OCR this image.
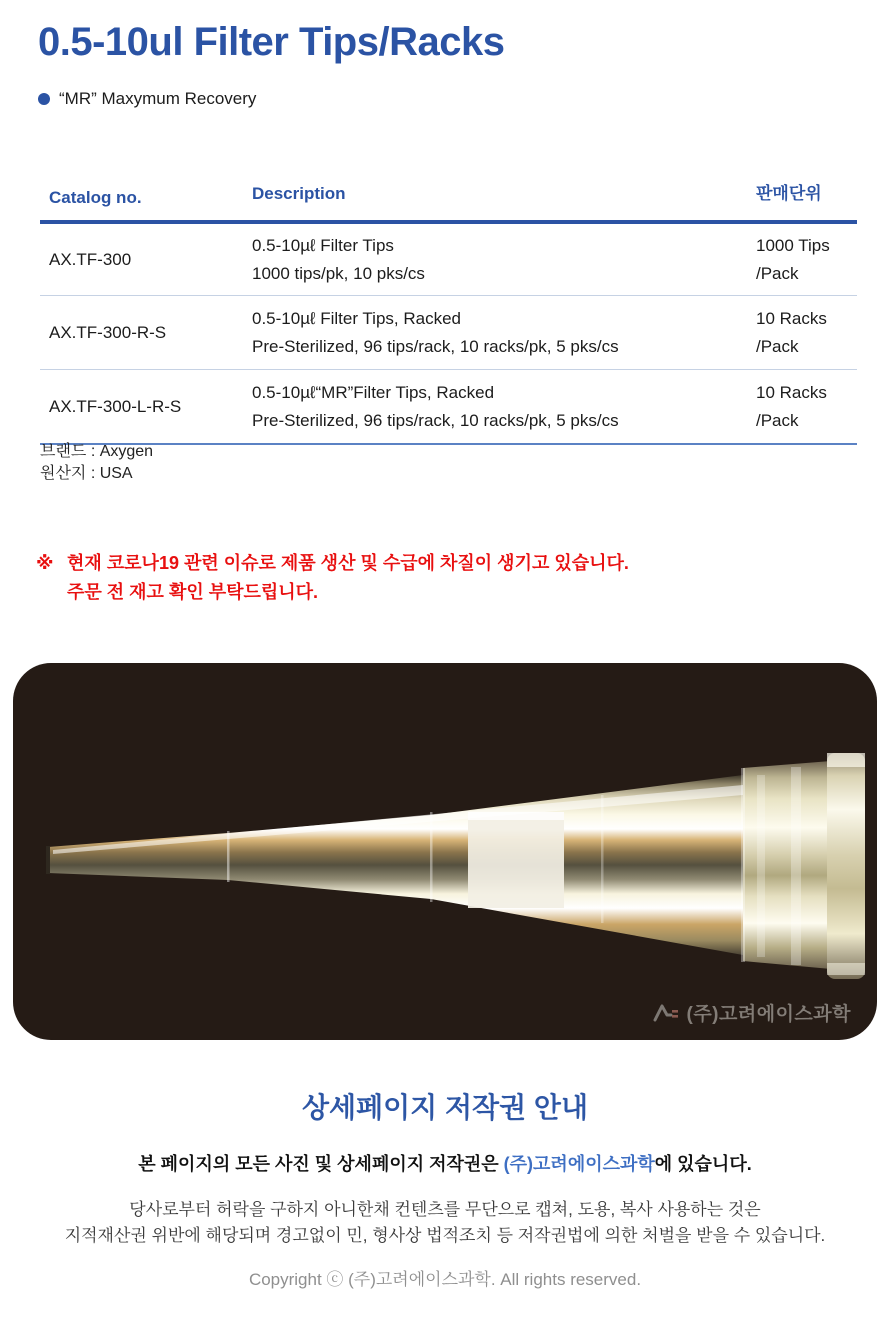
0.5-10ul Filter Tips/Racks
“MR” Maxymum Recovery
Catalog no.	Description	판매단위
AX.TF-300
0.5-10µℓ Filter Tips
1000 tips/pk, 10 pks/cs
1000 Tips
/Pack
AX.TF-300-R-S
0.5-10µℓ Filter Tips, Racked
Pre-Sterilized, 96 tips/rack, 10 racks/pk, 5 pks/cs
10 Racks
/Pack
AX.TF-300-L-R-S
0.5-10µℓ“MR”Filter Tips, Racked
Pre-Sterilized, 96 tips/rack, 10 racks/pk, 5 pks/cs
10 Racks
/Pack
브랜드 : Axygen
원산지 : USA
※ 현재 코로나19 관련 이슈로 제품 생산 및 수급에 차질이 생기고 있습니다.
주문 전 재고 확인 부탁드립니다.
(주)고려에이스과학
상세페이지 저작권 안내
본 페이지의 모든 사진 및 상세페이지 저작권은 (주)고려에이스과학에 있습니다.
당사로부터 허락을 구하지 아니한채 컨텐츠를 무단으로 캡쳐, 도용, 복사 사용하는 것은
지적재산권 위반에 해당되며 경고없이 민, 형사상 법적조치 등 저작권법에 의한 처벌을 받을 수 있습니다.
Copyright ⓒ (주)고려에이스과학. All rights reserved.
